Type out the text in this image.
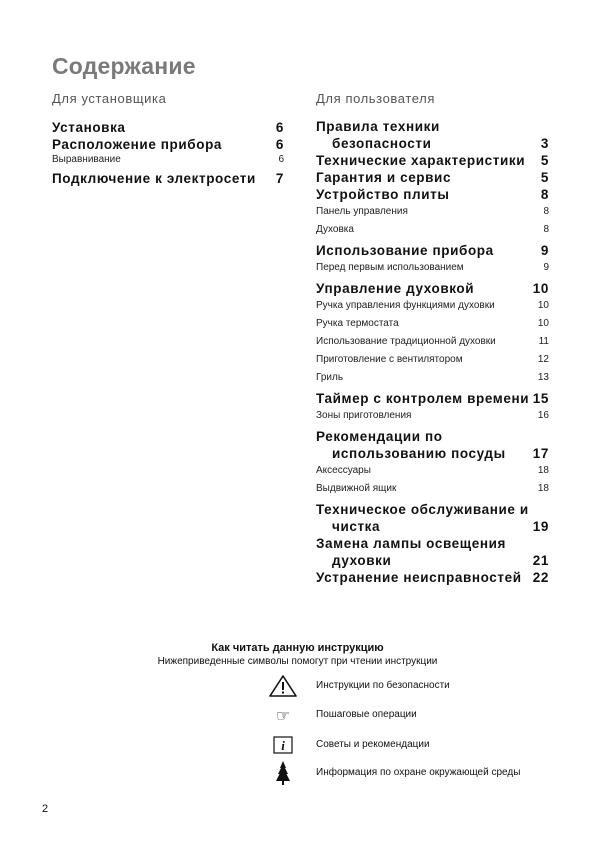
Содержание
Для установщика	Для пользователя
Установка	6
Расположение прибора	6
Выравнивание	6
Подключение к электросети 7
Правила техники
безопасности	3
Технические характеристики 5
Гарантия и сервис	5
Устройство плиты	8
Панель управления	8
Духовка	8
Использование прибора	9
Перед первым использованием	9
Управление духовкой	10
Ручка управления функциями духовки	10
Ручка термостата	10
Использование традиционной духовки	11
Приготовление с вентилятором	12
Гриль	13
Таймер с контролем времени 15
Зоны приготовления	16
Рекомендации по
использованию посуды 17
Аксессуары	18
Выдвижной ящик	18
Техническое обслуживание и
чистка	19
Замена лампы освещения
духовки	21
Устранение неисправностей 22
Как читать данную инструкцию
Нижеприведенные символы помогут при чтении инструкции
Инструкции по безопасности
☞	Пошаговые операции
i	Советы и рекомендации
Информация по охране окружающей среды
2
